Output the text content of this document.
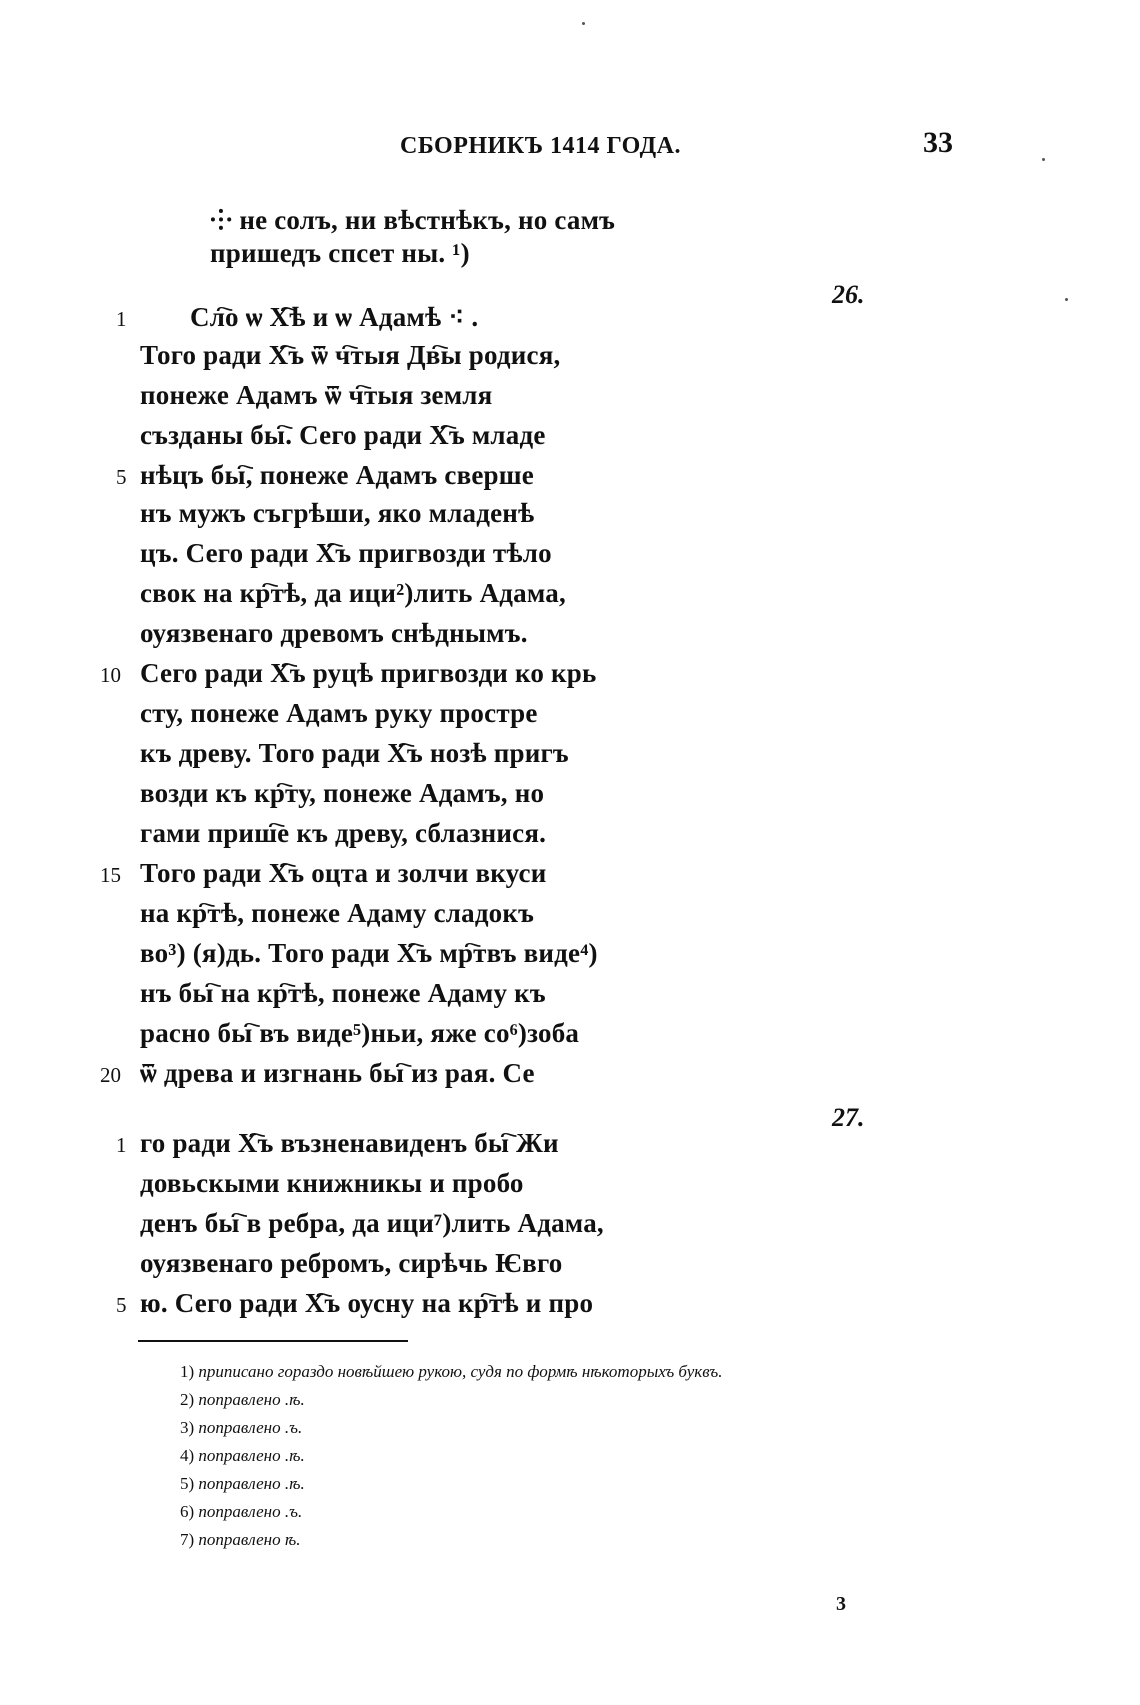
СБОРНИКЪ 1414 ГОДА.	33
⸭ не солъ, ни вѣстнѣкъ, но самъ
пришедъ спсет ны. ¹)
1 Сл҇о ѡ Х҇ѣ и ѡ Адамѣ ⁖ .
Того ради Х҇ъ ѿ ч҇тыя Дв҇ы родися,
понеже Адамъ ѿ ч҇тыя земля
създаны бы҇. Сего ради Х҇ъ младе
5 нѣцъ бы҇, понеже Адамъ сверше
нъ мужъ съгрѣши, яко младенѣ
цъ. Сего ради Х҇ъ пригвозди тѣло
свок на кр҇тѣ, да ици²)лить Адама,
оуязвенаго древомъ снѣднымъ.
10 Сего ради Х҇ъ руцѣ пригвозди ко крь
сту, понеже Адамъ руку простре
къ древу. Того ради Х҇ъ нозѣ пригъ
возди къ кр҇ту, понеже Адамъ, но
гами приш҇е къ древу, сблазнися.
15 Того ради Х҇ъ оцта и золчи вкуси
на кр҇тѣ, понеже Адаму сладокъ
во³) (я)дь. Того ради Х҇ъ мр҇твъ виде⁴)
нъ бы҇ на кр҇тѣ, понеже Адаму къ
расно бы҇ въ виде⁵)ньи, яже со⁶)зоба
20 ѿ древа и изгнань бы҇ из рая. Се
1 го ради Х҇ъ възненавиденъ бы҇ Жи
довьскыми книжникы и пробо
денъ бы҇ в ребра, да ици⁷)лить Адама,
оуязвенаго ребромъ, сирѣчь Ѥвго
5 ю. Сего ради Х҇ъ оусну на кр҇тѣ и про
26.
27.
1) приписано гораздо новѣйшею рукою, судя по формѣ нѣкоторыхъ буквъ.
2) поправлено .ѣ.
3) поправлено .ъ.
4) поправлено .ѣ.
5) поправлено .ѣ.
6) поправлено .ъ.
7) поправлено ѣ.
3
